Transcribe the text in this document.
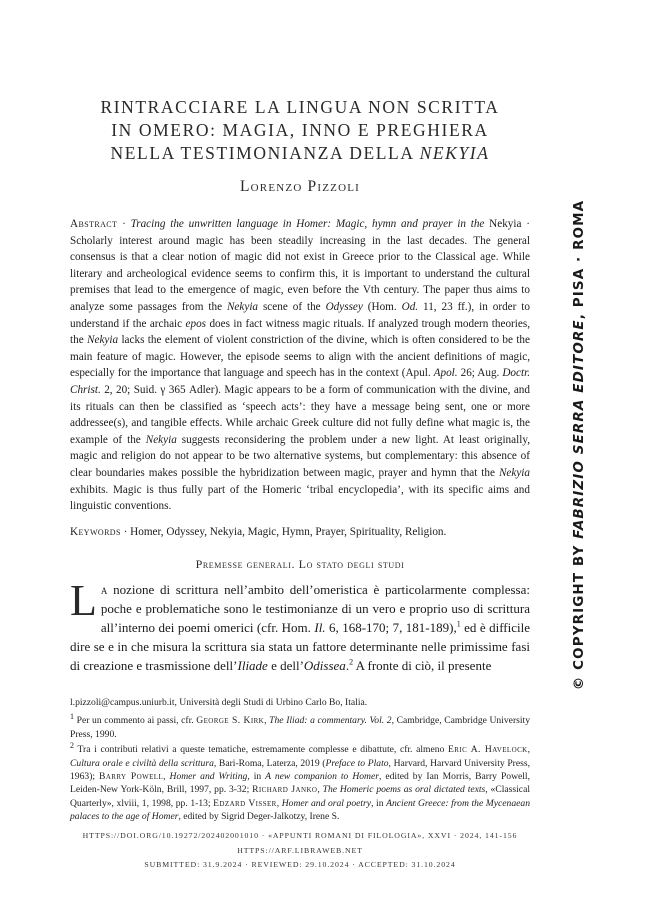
RINTRACCIARE LA LINGUA NON SCRITTA
IN OMERO: MAGIA, INNO E PREGHIERA
NELLA TESTIMONIANZA DELLA NEKYIA
Lorenzo Pizzoli

Abstract · Tracing the unwritten language in Homer: Magic, hymn and prayer in the Nekyia · Scholarly interest around magic has been steadily increasing in the last decades. The general consensus is that a clear notion of magic did not exist in Greece prior to the Classical age. While literary and archeological evidence seems to confirm this, it is important to understand the cultural premises that lead to the emergence of magic, even before the Vth century. The paper thus aims to analyze some passages from the Nekyia scene of the Odyssey (Hom. Od. 11, 23 ff.), in order to understand if the archaic epos does in fact witness magic rituals. If analyzed trough modern theories, the Nekyia lacks the element of violent constriction of the divine, which is often considered to be the main feature of magic. However, the episode seems to align with the ancient definitions of magic, especially for the importance that language and speech has in the context (Apul. Apol. 26; Aug. Doctr. Christ. 2, 20; Suid. γ 365 Adler). Magic appears to be a form of communication with the divine, and its rituals can then be classified as ‘speech acts’: they have a message being sent, one or more addressee(s), and tangible effects. While archaic Greek culture did not fully define what magic is, the example of the Nekyia suggests reconsidering the problem under a new light. At least originally, magic and religion do not appear to be two alternative systems, but complementary: this absence of clear boundaries makes possible the hybridization between magic, prayer and hymn that the Nekyia exhibits. Magic is thus fully part of the Homeric ‘tribal encyclopedia’, with its specific aims and linguistic conventions.

Keywords · Homer, Odyssey, Nekyia, Magic, Hymn, Prayer, Spirituality, Religion.
Premesse generali. Lo stato degli studi

La nozione di scrittura nell’ambito dell’omeristica è particolarmente complessa: poche e problematiche sono le testimonianze di un vero e proprio uso di scrittura all’interno dei poemi omerici (cfr. Hom. Il. 6, 168-170; 7, 181-189),$^1$ ed è difficile dire se e in che misura la scrittura sia stata un fattore determinante nelle primissime fasi di creazione e trasmissione dell’Iliade e dell’Odissea.$^2$ A fronte di ciò, il presente

l.pizzoli@campus.uniurb.it, Università degli Studi di Urbino Carlo Bo, Italia.

$^1$ Per un commento ai passi, cfr. George S. Kirk, The Iliad: a commentary. Vol. 2, Cambridge, Cambridge University Press, 1990.

$^2$ Tra i contributi relativi a queste tematiche, estremamente complesse e dibattute, cfr. almeno Eric A. Havelock, Cultura orale e civiltà della scrittura, Bari-Roma, Laterza, 2019 (Preface to Plato, Harvard, Harvard University Press, 1963); Barry Powell, Homer and Writing, in A new companion to Homer, edited by Ian Morris, Barry Powell, Leiden-New York-Köln, Brill, 1997, pp. 3-32; Richard Janko, The Homeric poems as oral dictated texts, «Classical Quarterly», xlviii, 1, 1998, pp. 1-13; Edzard Visser, Homer and oral poetry, in Ancient Greece: from the Mycenaean palaces to the age of Homer, edited by Sigrid Deger-Jalkotzy, Irene S.

HTTPS://DOI.ORG/10.19272/202402001010 · «APPUNTI ROMANI DI FILOLOGIA», XXVI · 2024, 141-156
HTTPS://ARF.LIBRAWEB.NET
SUBMITTED: 31.9.2024 · REVIEWED: 29.10.2024 · ACCEPTED: 31.10.2024
© COPYRIGHT BY FABRIZIO SERRA EDITORE, PISA · ROMA
